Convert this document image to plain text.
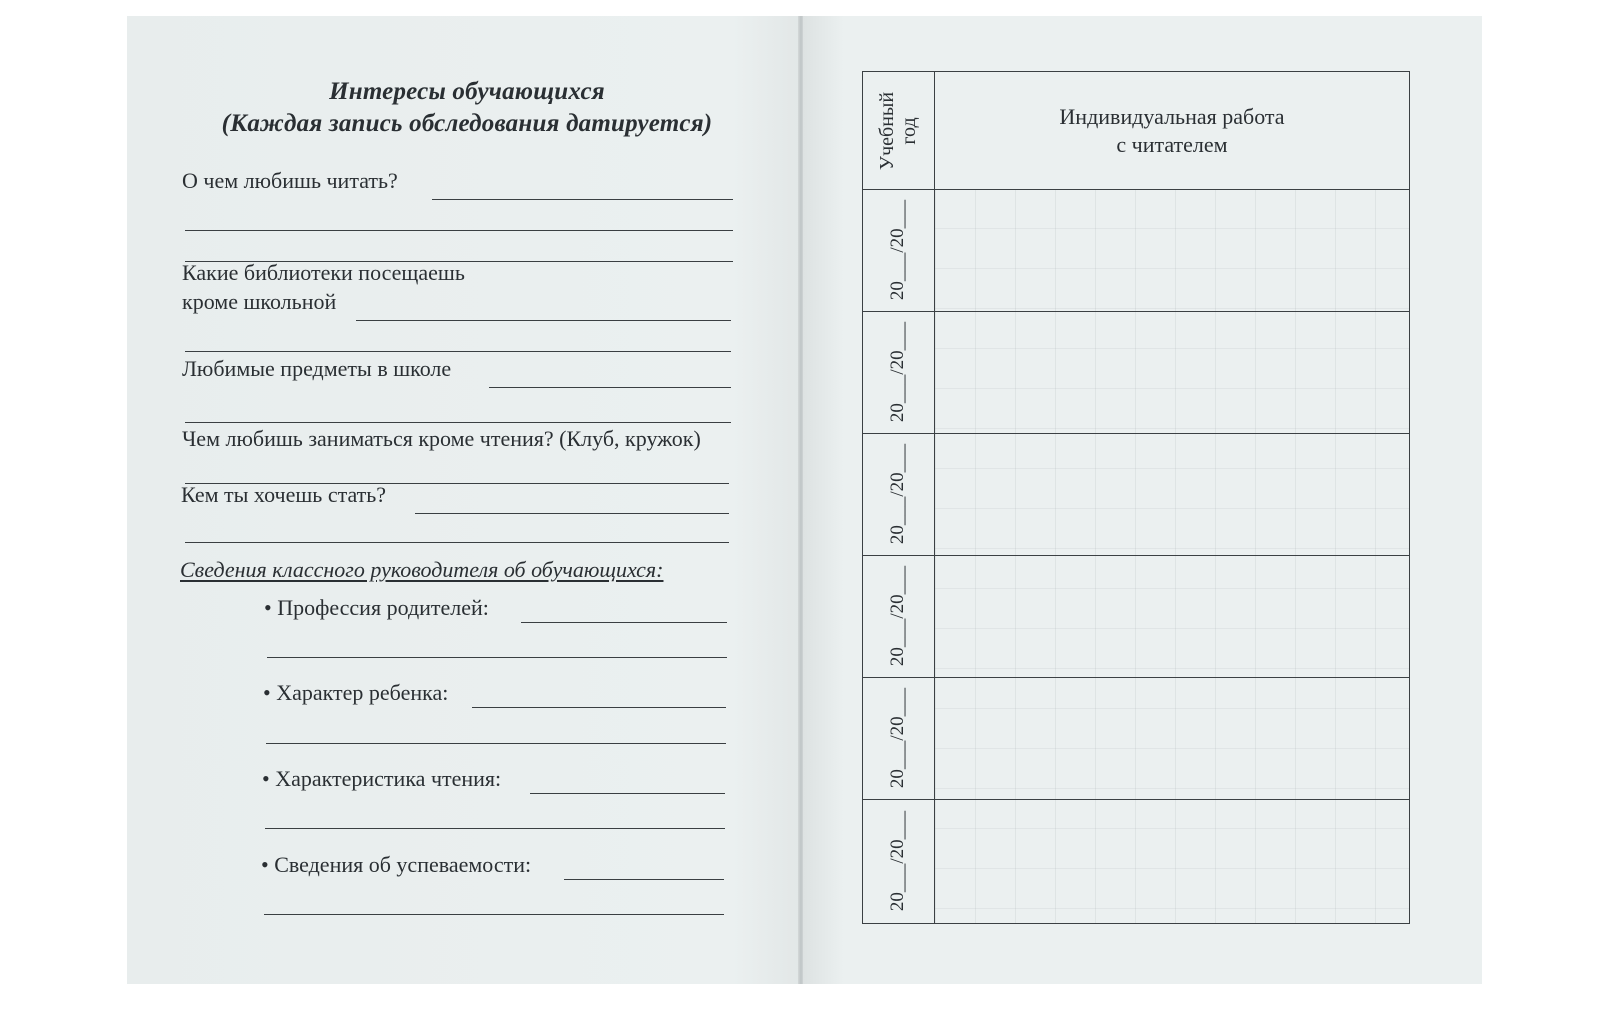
Интересы обучающихся
(Каждая запись обследования датируется)
О чем любишь читать?
Какие библиотеки посещаешь
кроме школьной
Любимые предметы в школе
Чем любишь заниматься кроме чтения? (Клуб, кружок)
Кем ты хочешь стать?
Сведения классного руководителя об обучающихся:
• Профессия родителей:
• Характер ребенка:
• Характеристика чтения:
• Сведения об успеваемости:
Учебный год
Индивидуальная работа
с читателем
20___/20___
20___/20___
20___/20___
20___/20___
20___/20___
20___/20___
